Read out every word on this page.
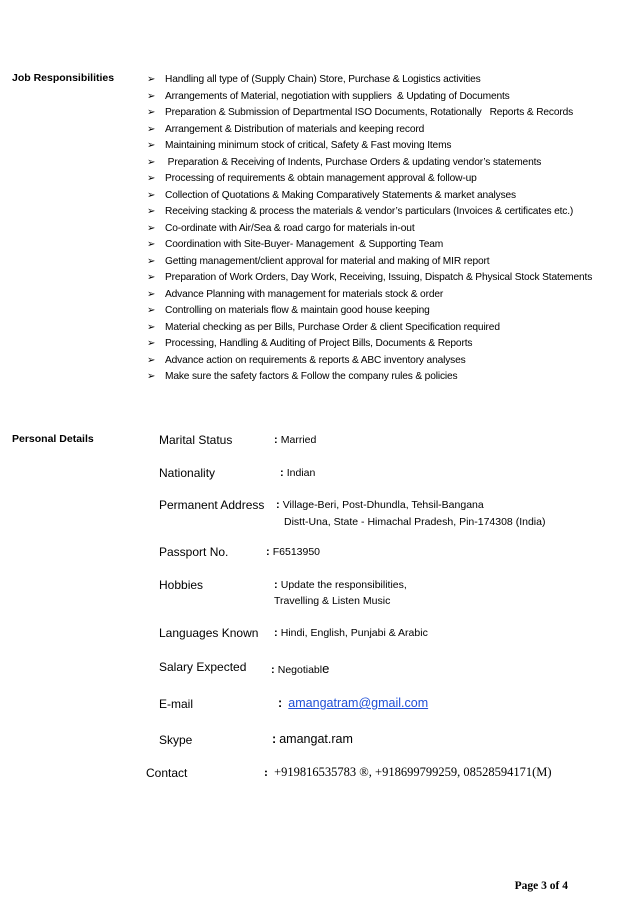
Job Responsibilities	➢ Handling all type of (Supply Chain) Store, Purchase & Logistics activities
➢ Arrangements of Material, negotiation with suppliers  & Updating of Documents
➢ Preparation & Submission of Departmental ISO Documents, Rotationally   Reports & Records
➢ Arrangement & Distribution of materials and keeping record
➢ Maintaining minimum stock of critical, Safety & Fast moving Items
➢ Preparation & Receiving of Indents, Purchase Orders & updating vendor’s statements
➢ Processing of requirements & obtain management approval & follow-up
➢ Collection of Quotations & Making Comparatively Statements & market analyses
➢ Receiving stacking & process the materials & vendor’s particulars (Invoices & certificates etc.)
➢ Co-ordinate with Air/Sea & road cargo for materials in-out
➢ Coordination with Site-Buyer- Management  & Supporting Team
➢ Getting management/client approval for material and making of MIR report
➢ Preparation of Work Orders, Day Work, Receiving, Issuing, Dispatch & Physical Stock Statements
➢ Advance Planning with management for materials stock & order
➢ Controlling on materials flow & maintain good house keeping
➢ Material checking as per Bills, Purchase Order & client Specification required
➢ Processing, Handling & Auditing of Project Bills, Documents & Reports
➢ Advance action on requirements & reports & ABC inventory analyses
➢ Make sure the safety factors & Follow the company rules & policies
Personal Details	Marital Status	: Married
Nationality	: Indian
Permanent Address : Village-Beri, Post-Dhundla, Tehsil-Bangana
Distt-Una, State - Himachal Pradesh, Pin-174308 (India)
Passport No.	: F6513950
Hobbies	: Update the responsibilities,
Travelling & Listen Music
Languages Known : Hindi, English, Punjabi & Arabic
Salary Expected : Negotiable
E-mail	: amangatram@gmail.com
Skype	: amangat.ram
Contact	: +919816535783 ®, +918699799259, 08528594171(M)
Page 3 of 4
